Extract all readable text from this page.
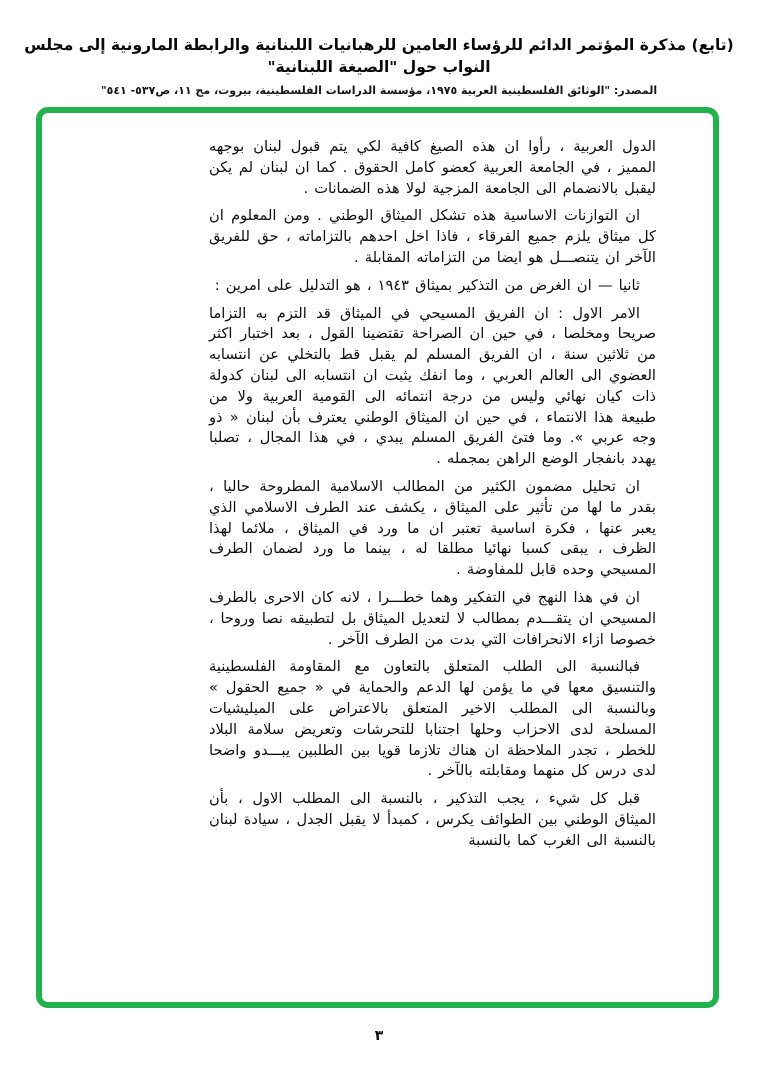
(تابع) مذكرة المؤتمر الدائم للرؤساء العامين للرهبانيات اللبنانية والرابطة المارونية إلى مجلس النواب حول "الصيغة اللبنانية"
المصدر: "الوثائق الفلسطينية العربية ١٩٧٥، مؤسسة الدراسات الفلسطينية، بيروت، مج ١١، ص٥٣٧- ٥٤١"

الدول العربية ، رأوا ان هذه الصيغ كافية لكي يتم قبول لبنان بوجهه المميز ، في الجامعة العربية كعضو كامل الحقوق . كما ان لبنان لم يكن ليقبل بالانضمام الى الجامعة المزجية لولا هذه الضمانات .

ان التوازنات الاساسية هذه تشكل الميثاق الوطني . ومن المعلوم ان كل ميثاق يلزم جميع الفرقاء ، فاذا اخل احدهم بالتزاماته ، حق للفريق الآخر ان يتنصـــل هو ايضا من التزاماته المقابلة .

ثانيا — ان الغرض من التذكير بميثاق ١٩٤٣ ، هو التدليل على امرين :

الامر الاول : ان الفريق المسيحي في الميثاق قد التزم به التزاما صريحا ومخلصا ، في حين ان الصراحة تقتضينا القول ، بعد اختبار اكثر من ثلاثين سنة ، ان الفريق المسلم لم يقبل قط بالتخلي عن انتسابه العضوي الى العالم العربي ، وما انفك يثبت ان انتسابه الى لبنان كدولة ذات كيان نهائي وليس من درجة انتمائه الى القومية العربية ولا من طبيعة هذا الانتماء ، في حين ان الميثاق الوطني يعترف بأن لبنان « ذو وجه عربي ». وما فتئ الفريق المسلم يبدي ، في هذا المجال ، تصلبا يهدد بانفجار الوضع الراهن بمجمله .

ان تحليل مضمون الكثير من المطالب الاسلامية المطروحة حاليا ، بقدر ما لها من تأثير على الميثاق ، يكشف عند الطرف الاسلامي الذي يعبر عنها ، فكرة اساسية تعتبر ان ما ورد في الميثاق ، ملائما لهذا الظرف ، يبقى كسبا نهائيا مطلقا له ، بينما ما ورد لضمان الطرف المسيحي وحده قابل للمفاوضة .

ان في هذا النهج في التفكير وهما خطـــرا ، لانه كان الاحرى بالطرف المسيحي ان يتقـــدم بمطالب لا لتعديل الميثاق بل لتطبيقه نصا وروحا ، خصوصا ازاء الانحرافات التي بدت من الطرف الآخر .

فبالنسبة الى الطلب المتعلق بالتعاون مع المقاومة الفلسطينية والتنسيق معها في ما يؤمن لها الدعم والحماية في « جميع الحقول » وبالنسبة الى المطلب الاخير المتعلق بالاعتراض على الميليشيات المسلحة لدى الاحزاب وحلها اجتنابا للتحرشات وتعريض سلامة البلاد للخطر ، تجدر الملاحظة ان هناك تلازما قويا بين الطلبين يبـــدو واضحا لدى درس كل منهما ومقابلته بالآخر .

قبل كل شيء ، يجب التذكير ، بالنسبة الى المطلب الاول ، بأن الميثاق الوطني بين الطوائف يكرس ، كمبدأ لا يقبل الجدل ، سيادة لبنان بالنسبة الى الغرب كما بالنسبة

٣
